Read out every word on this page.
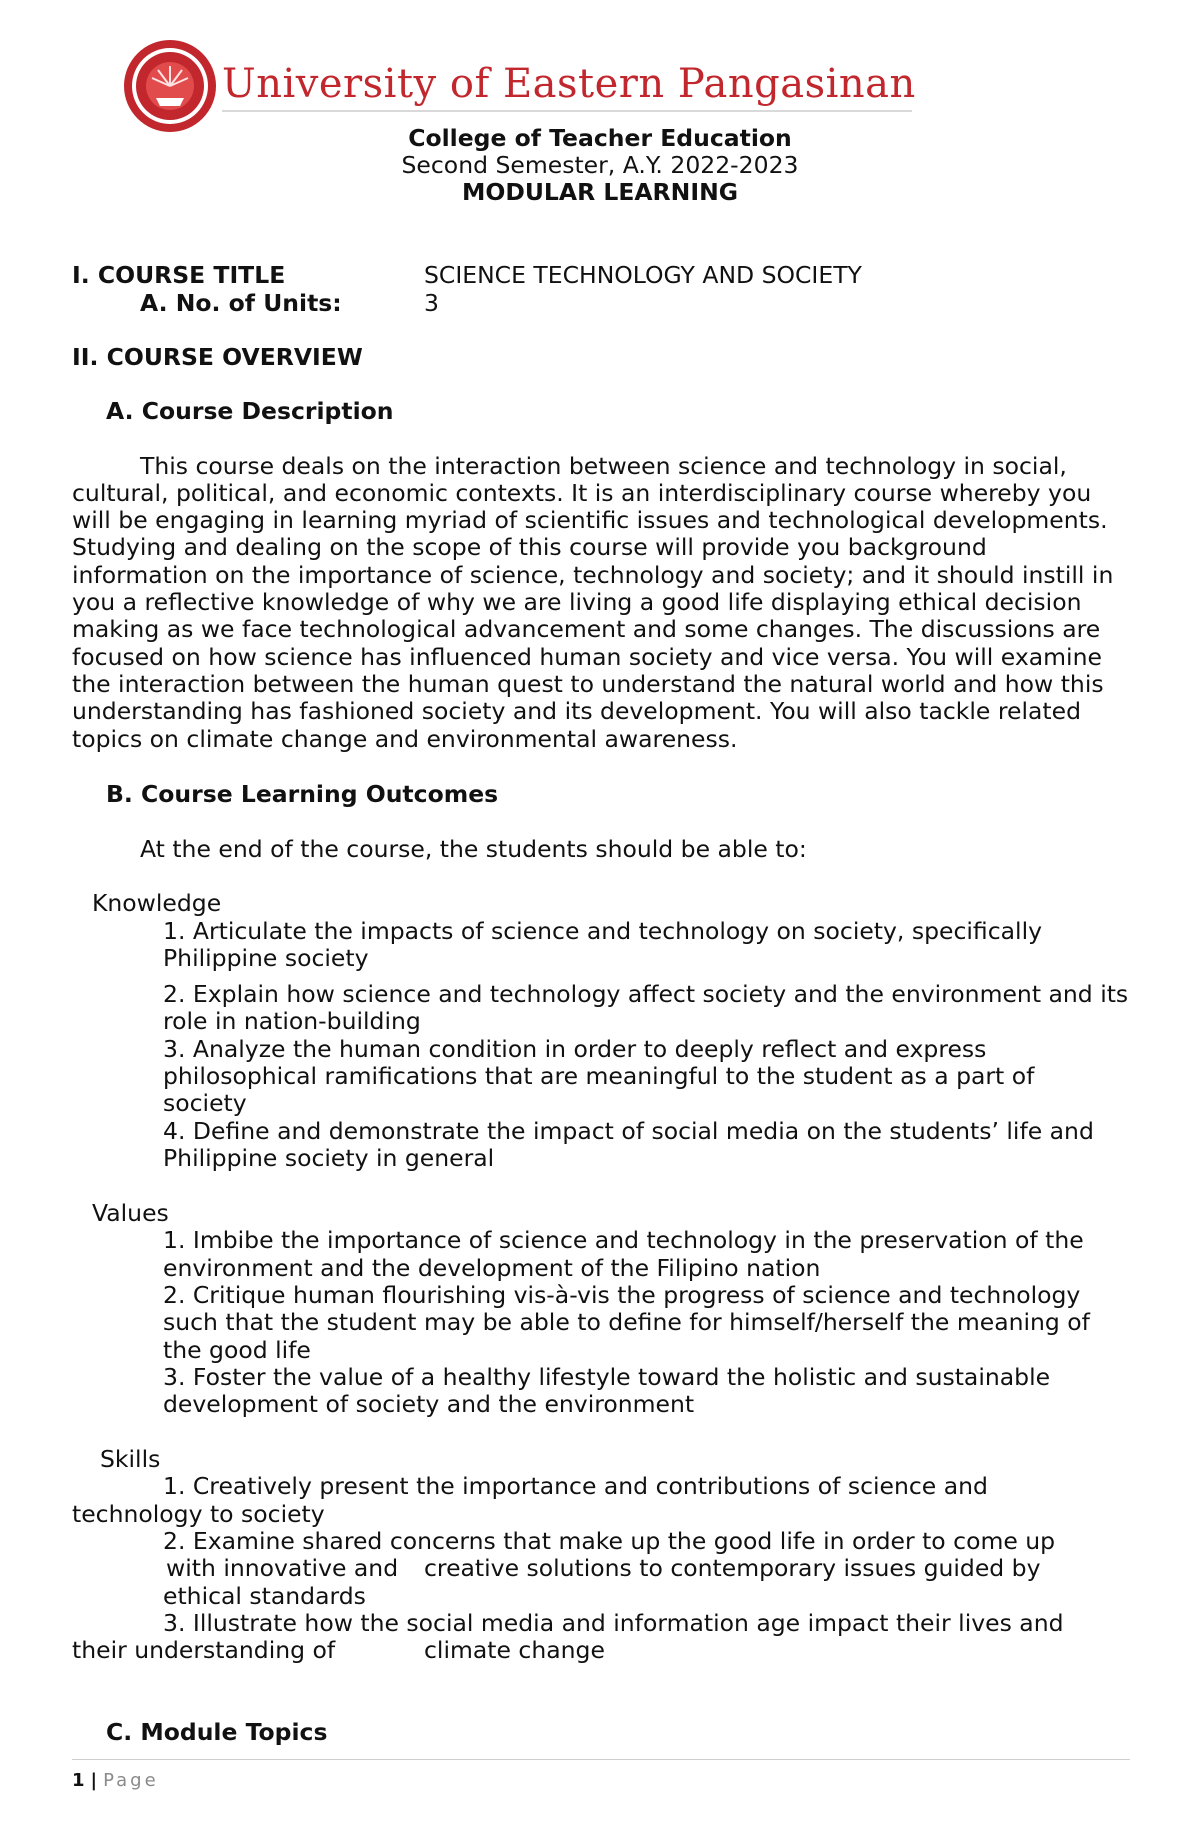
University of Eastern Pangasinan
College of Teacher Education
Second Semester, A.Y. 2022-2023
MODULAR LEARNING
I. COURSE TITLE	SCIENCE TECHNOLOGY AND SOCIETY
A. No. of Units:	3
II. COURSE OVERVIEW
A. Course Description
This course deals on the interaction between science and technology in social,
cultural, political, and economic contexts. It is an interdisciplinary course whereby you
will be engaging in learning myriad of scientific issues and technological developments.
Studying and dealing on the scope of this course will provide you background
information on the importance of science, technology and society; and it should instill in
you a reflective knowledge of why we are living a good life displaying ethical decision
making as we face technological advancement and some changes. The discussions are
focused on how science has influenced human society and vice versa. You will examine
the interaction between the human quest to understand the natural world and how this
understanding has fashioned society and its development. You will also tackle related
topics on climate change and environmental awareness.
B. Course Learning Outcomes
At the end of the course, the students should be able to:
Knowledge
1. Articulate the impacts of science and technology on society, specifically
Philippine society
2. Explain how science and technology affect society and the environment and its
role in nation-building
3. Analyze the human condition in order to deeply reflect and express
philosophical ramifications that are meaningful to the student as a part of
society
4. Define and demonstrate the impact of social media on the students’ life and
Philippine society in general
Values
1. Imbibe the importance of science and technology in the preservation of the
environment and the development of the Filipino nation
2. Critique human flourishing vis-à-vis the progress of science and technology
such that the student may be able to define for himself/herself the meaning of
the good life
3. Foster the value of a healthy lifestyle toward the holistic and sustainable
development of society and the environment
Skills
1. Creatively present the importance and contributions of science and
technology to society
2. Examine shared concerns that make up the good life in order to come up
with innovative and creative solutions to contemporary issues guided by
ethical standards
3. Illustrate how the social media and information age impact their lives and
their understanding of	climate change
C. Module Topics
1 | Page
